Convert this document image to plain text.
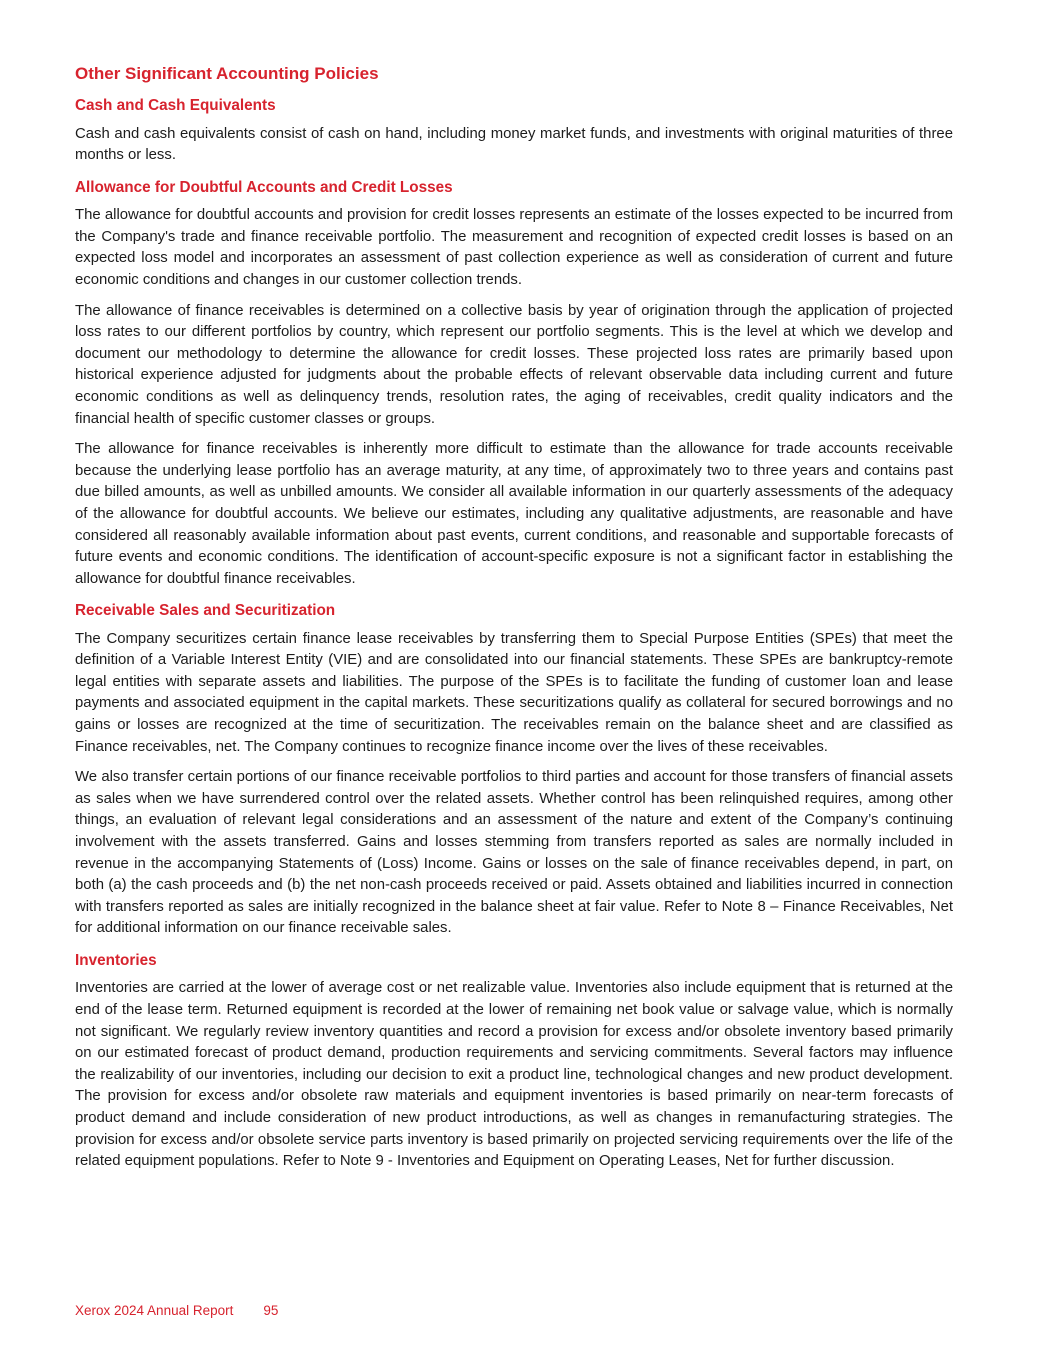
Other Significant Accounting Policies
Cash and Cash Equivalents

Cash and cash equivalents consist of cash on hand, including money market funds, and investments with original maturities of three months or less.

Allowance for Doubtful Accounts and Credit Losses

The allowance for doubtful accounts and provision for credit losses represents an estimate of the losses expected to be incurred from the Company's trade and finance receivable portfolio. The measurement and recognition of expected credit losses is based on an expected loss model and incorporates an assessment of past collection experience as well as consideration of current and future economic conditions and changes in our customer collection trends.

The allowance of finance receivables is determined on a collective basis by year of origination through the application of projected loss rates to our different portfolios by country, which represent our portfolio segments. This is the level at which we develop and document our methodology to determine the allowance for credit losses. These projected loss rates are primarily based upon historical experience adjusted for judgments about the probable effects of relevant observable data including current and future economic conditions as well as delinquency trends, resolution rates, the aging of receivables, credit quality indicators and the financial health of specific customer classes or groups.

The allowance for finance receivables is inherently more difficult to estimate than the allowance for trade accounts receivable because the underlying lease portfolio has an average maturity, at any time, of approximately two to three years and contains past due billed amounts, as well as unbilled amounts. We consider all available information in our quarterly assessments of the adequacy of the allowance for doubtful accounts. We believe our estimates, including any qualitative adjustments, are reasonable and have considered all reasonably available information about past events, current conditions, and reasonable and supportable forecasts of future events and economic conditions. The identification of account-specific exposure is not a significant factor in establishing the allowance for doubtful finance receivables.

Receivable Sales and Securitization

The Company securitizes certain finance lease receivables by transferring them to Special Purpose Entities (SPEs) that meet the definition of a Variable Interest Entity (VIE) and are consolidated into our financial statements. These SPEs are bankruptcy-remote legal entities with separate assets and liabilities. The purpose of the SPEs is to facilitate the funding of customer loan and lease payments and associated equipment in the capital markets. These securitizations qualify as collateral for secured borrowings and no gains or losses are recognized at the time of securitization. The receivables remain on the balance sheet and are classified as Finance receivables, net. The Company continues to recognize finance income over the lives of these receivables.

We also transfer certain portions of our finance receivable portfolios to third parties and account for those transfers of financial assets as sales when we have surrendered control over the related assets. Whether control has been relinquished requires, among other things, an evaluation of relevant legal considerations and an assessment of the nature and extent of the Company’s continuing involvement with the assets transferred. Gains and losses stemming from transfers reported as sales are normally included in revenue in the accompanying Statements of (Loss) Income. Gains or losses on the sale of finance receivables depend, in part, on both (a) the cash proceeds and (b) the net non-cash proceeds received or paid. Assets obtained and liabilities incurred in connection with transfers reported as sales are initially recognized in the balance sheet at fair value. Refer to Note 8 – Finance Receivables, Net for additional information on our finance receivable sales.

Inventories

Inventories are carried at the lower of average cost or net realizable value. Inventories also include equipment that is returned at the end of the lease term. Returned equipment is recorded at the lower of remaining net book value or salvage value, which is normally not significant. We regularly review inventory quantities and record a provision for excess and/or obsolete inventory based primarily on our estimated forecast of product demand, production requirements and servicing commitments. Several factors may influence the realizability of our inventories, including our decision to exit a product line, technological changes and new product development. The provision for excess and/or obsolete raw materials and equipment inventories is based primarily on near-term forecasts of product demand and include consideration of new product introductions, as well as changes in remanufacturing strategies. The provision for excess and/or obsolete service parts inventory is based primarily on projected servicing requirements over the life of the related equipment populations. Refer to Note 9 - Inventories and Equipment on Operating Leases, Net for further discussion.

Xerox 2024 Annual Report 95
